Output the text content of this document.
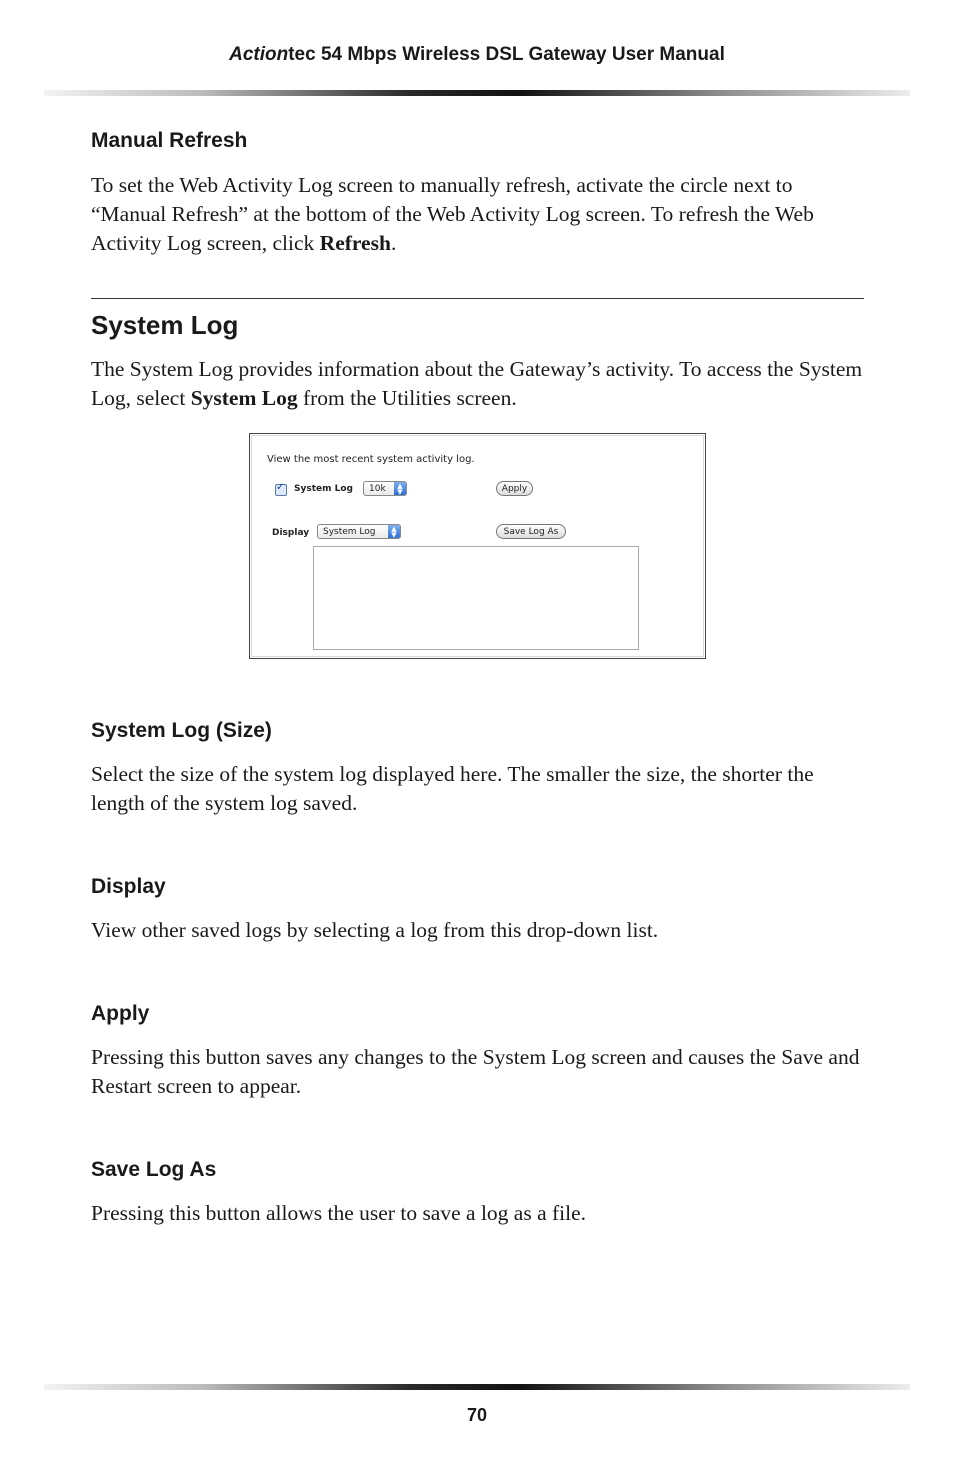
Actiontec 54 Mbps Wireless DSL Gateway User Manual
Manual Refresh

To set the Web Activity Log screen to manually refresh, activate the circle next to “Manual Refresh” at the bottom of the Web Activity Log screen. To refresh the Web Activity Log screen, click Refresh.

System Log

The System Log provides information about the Gateway’s activity. To access the System Log, select System Log from the Utilities screen.

View the most recent system activity log.
✓
System Log	10k	▲
▼	Apply
Display	System Log	▲
▼	Save Log As
System Log (Size)

Select the size of the system log displayed here. The smaller the size, the shorter the length of the system log saved.

Display

View other saved logs by selecting a log from this drop-down list.

Apply

Pressing this button saves any changes to the System Log screen and causes the Save and Restart screen to appear.

Save Log As

Pressing this button allows the user to save a log as a file.

70
